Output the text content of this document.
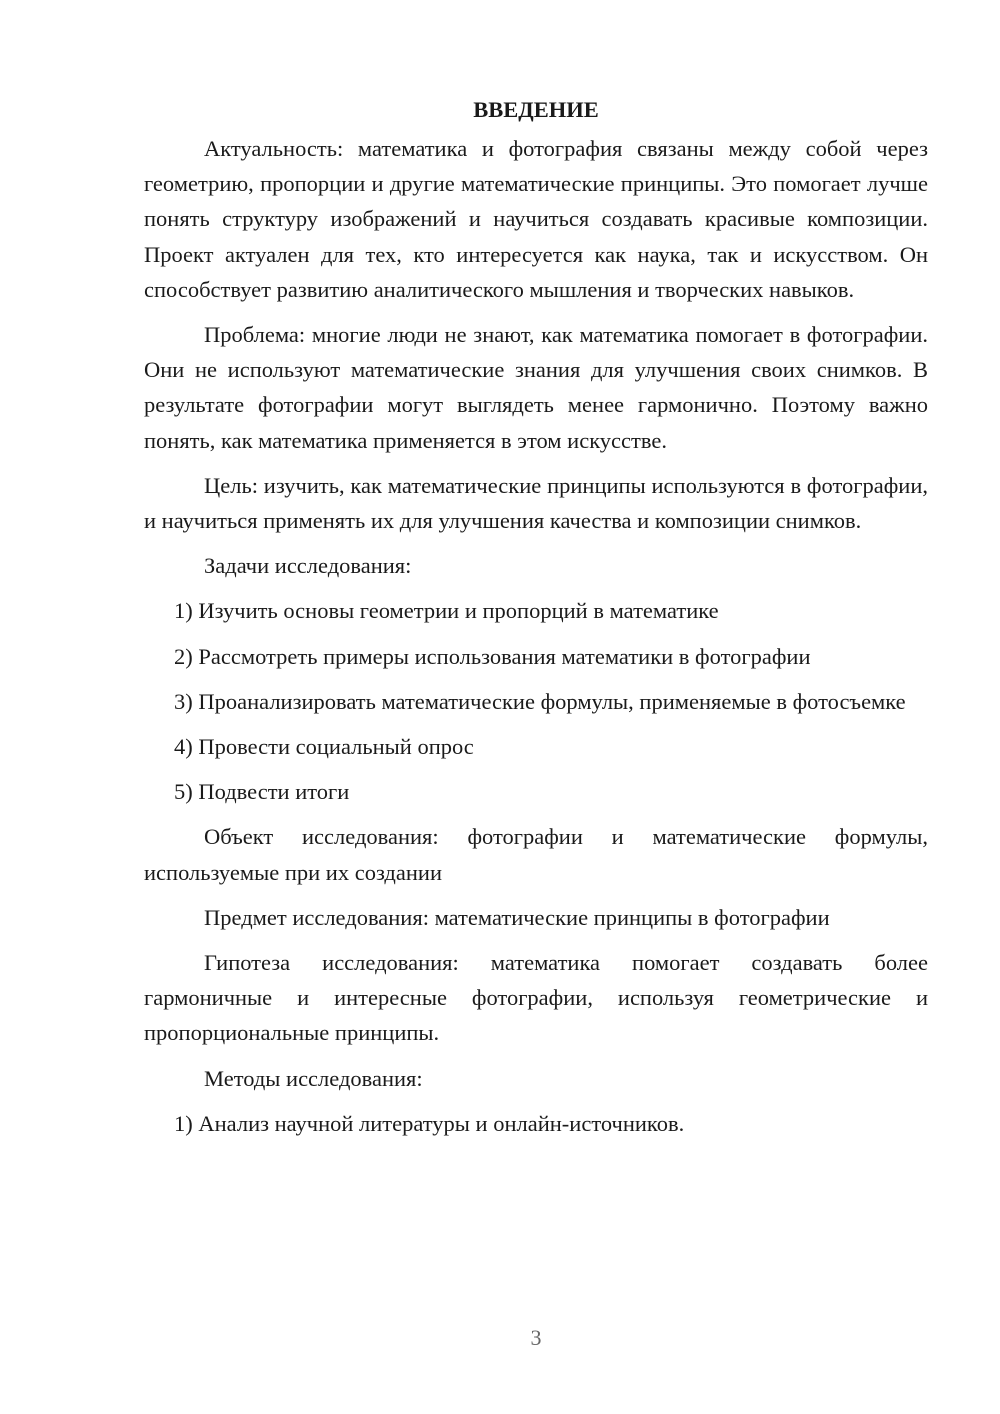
ВВЕДЕНИЕ

Актуальность: математика и фотография связаны между собой через геометрию, пропорции и другие математические принципы. Это помогает лучше понять структуру изображений и научиться создавать красивые композиции. Проект актуален для тех, кто интересуется как наука, так и искусством. Он способствует развитию аналитического мышления и творческих навыков.

Проблема: многие люди не знают, как математика помогает в фотографии. Они не используют математические знания для улучшения своих снимков. В результате фотографии могут выглядеть менее гармонично. Поэтому важно понять, как математика применяется в этом искусстве.

Цель: изучить, как математические принципы используются в фотографии, и научиться применять их для улучшения качества и композиции снимков.

Задачи исследования:

1) Изучить основы геометрии и пропорций в математике

2) Рассмотреть примеры использования математики в фотографии

3) Проанализировать математические формулы, применяемые в фотосъемке

4) Провести социальный опрос

5) Подвести итоги

Объект исследования: фотографии и математические формулы, используемые при их создании

Предмет исследования: математические принципы в фотографии

Гипотеза исследования: математика помогает создавать более гармоничные и интересные фотографии, используя геометрические и пропорциональные принципы.

Методы исследования:

1) Анализ научной литературы и онлайн-источников.

3
